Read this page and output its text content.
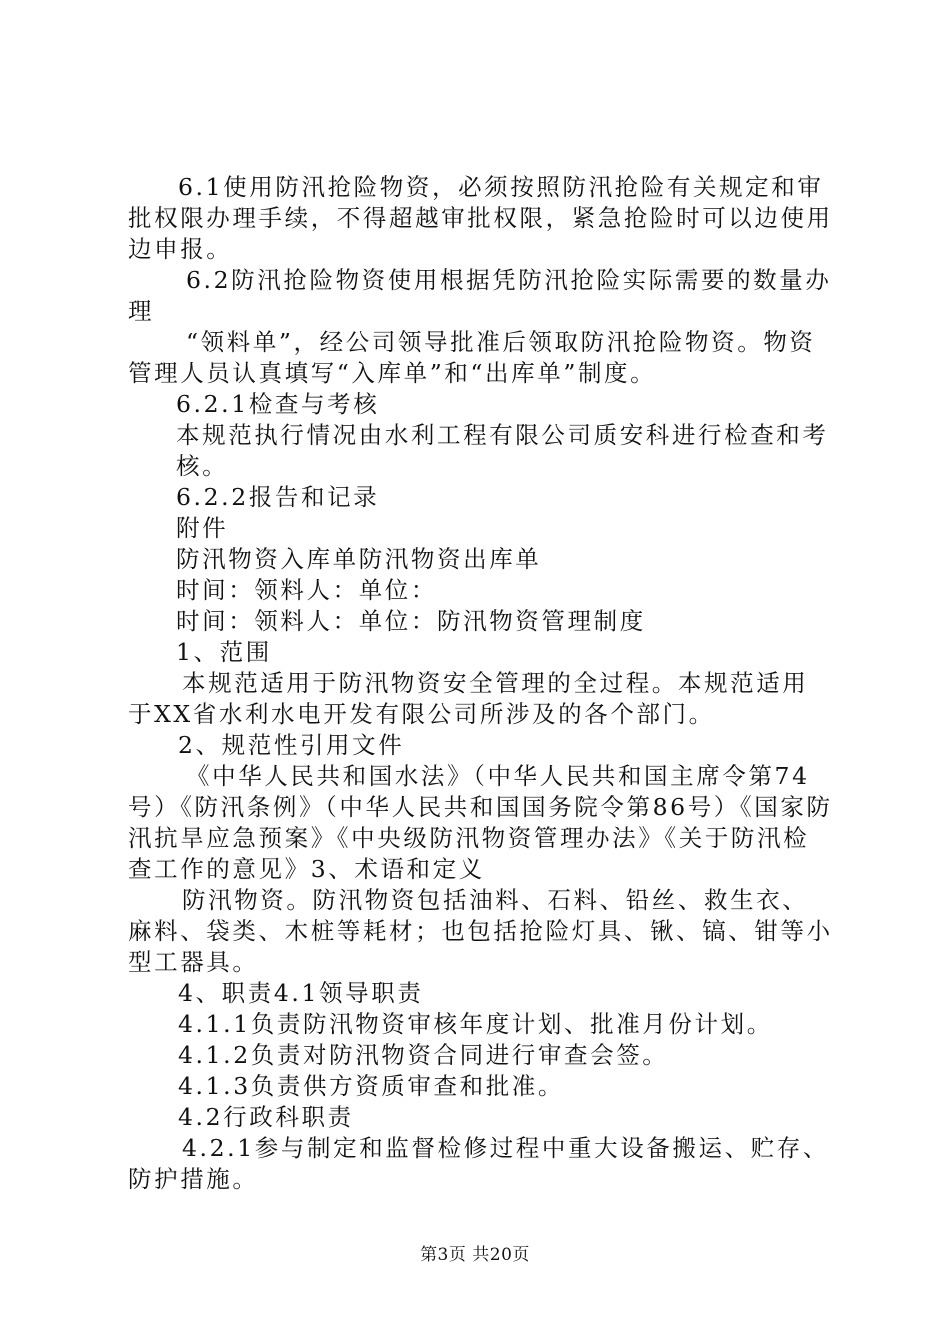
6.1使用防汛抢险物资，必须按照防汛抢险有关规定和审批权限办理手续，不得超越审批权限，紧急抢险时可以边使用边申报。

6.2防汛抢险物资使用根据凭防汛抢险实际需要的数量办理

“领料单”，经公司领导批准后领取防汛抢险物资。物资管理人员认真填写“入库单”和“出库单”制度。

6.2.1检查与考核

本规范执行情况由水利工程有限公司质安科进行检查和考核。

6.2.2报告和记录

附件

防汛物资入库单防汛物资出库单

时间：领料人：单位：

时间：领料人：单位：防汛物资管理制度

1、范围

本规范适用于防汛物资安全管理的全过程。本规范适用于XX省水利水电开发有限公司所涉及的各个部门。

2、规范性引用文件

《中华人民共和国水法》（中华人民共和国主席令第74号）《防汛条例》（中华人民共和国国务院令第86号）《国家防汛抗旱应急预案》《中央级防汛物资管理办法》《关于防汛检查工作的意见》3、术语和定义

防汛物资。防汛物资包括油料、石料、铅丝、救生衣、麻料、袋类、木桩等耗材；也包括抢险灯具、锹、镐、钳等小型工器具。

4、职责4.1领导职责

4.1.1负责防汛物资审核年度计划、批准月份计划。

4.1.2负责对防汛物资合同进行审查会签。

4.1.3负责供方资质审查和批准。

4.2行政科职责

4.2.1参与制定和监督检修过程中重大设备搬运、贮存、防护措施。

第3页 共20页
